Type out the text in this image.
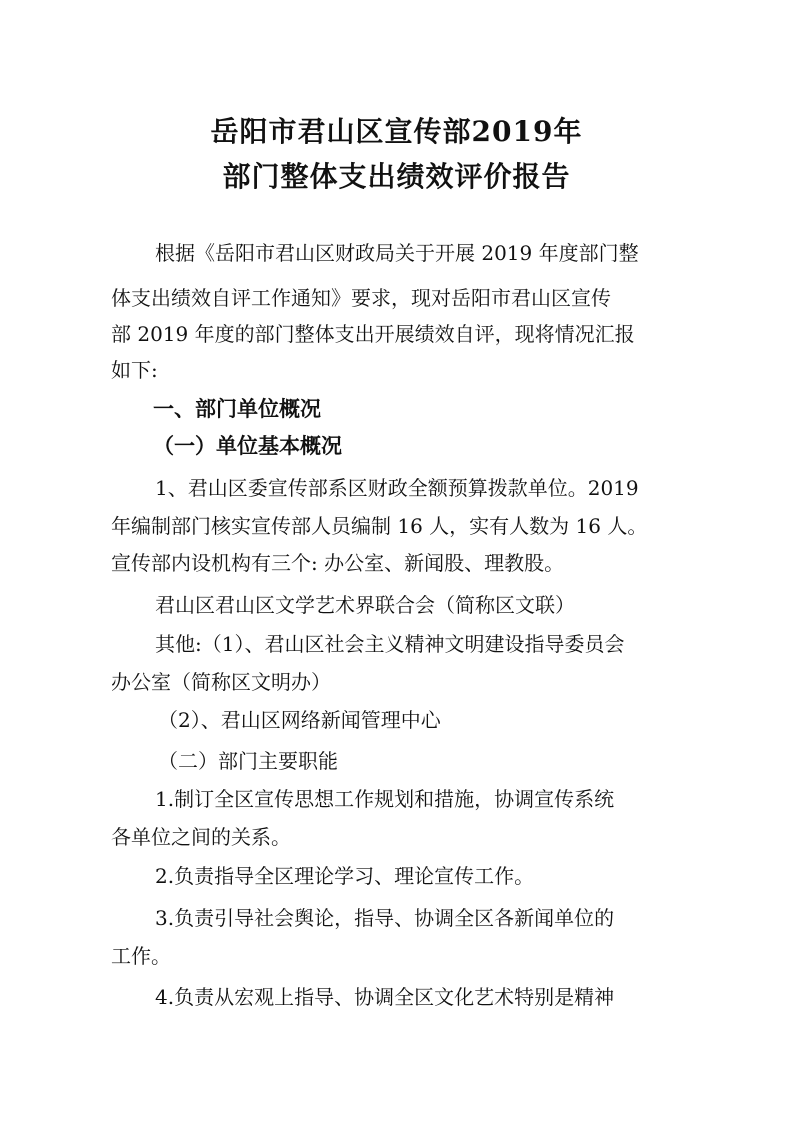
岳阳市君山区宣传部2019年
部门整体支出绩效评价报告
根据《岳阳市君山区财政局关于开展 2019 年度部门整
体支出绩效自评工作通知》要求，现对岳阳市君山区宣传
部 2019 年度的部门整体支出开展绩效自评，现将情况汇报
如下:
一、部门单位概况
（一）单位基本概况
1、君山区委宣传部系区财政全额预算拨款单位。2019
年编制部门核实宣传部人员编制 16 人，实有人数为 16 人。
宣传部内设机构有三个: 办公室、新闻股、理教股。
君山区君山区文学艺术界联合会（简称区文联）
其他:（1）、君山区社会主义精神文明建设指导委员会
办公室（简称区文明办）
（2）、君山区网络新闻管理中心
（二）部门主要职能
1.制订全区宣传思想工作规划和措施，协调宣传系统
各单位之间的关系。
2.负责指导全区理论学习、理论宣传工作。
3.负责引导社会舆论，指导、协调全区各新闻单位的
工作。
4.负责从宏观上指导、协调全区文化艺术特别是精神
